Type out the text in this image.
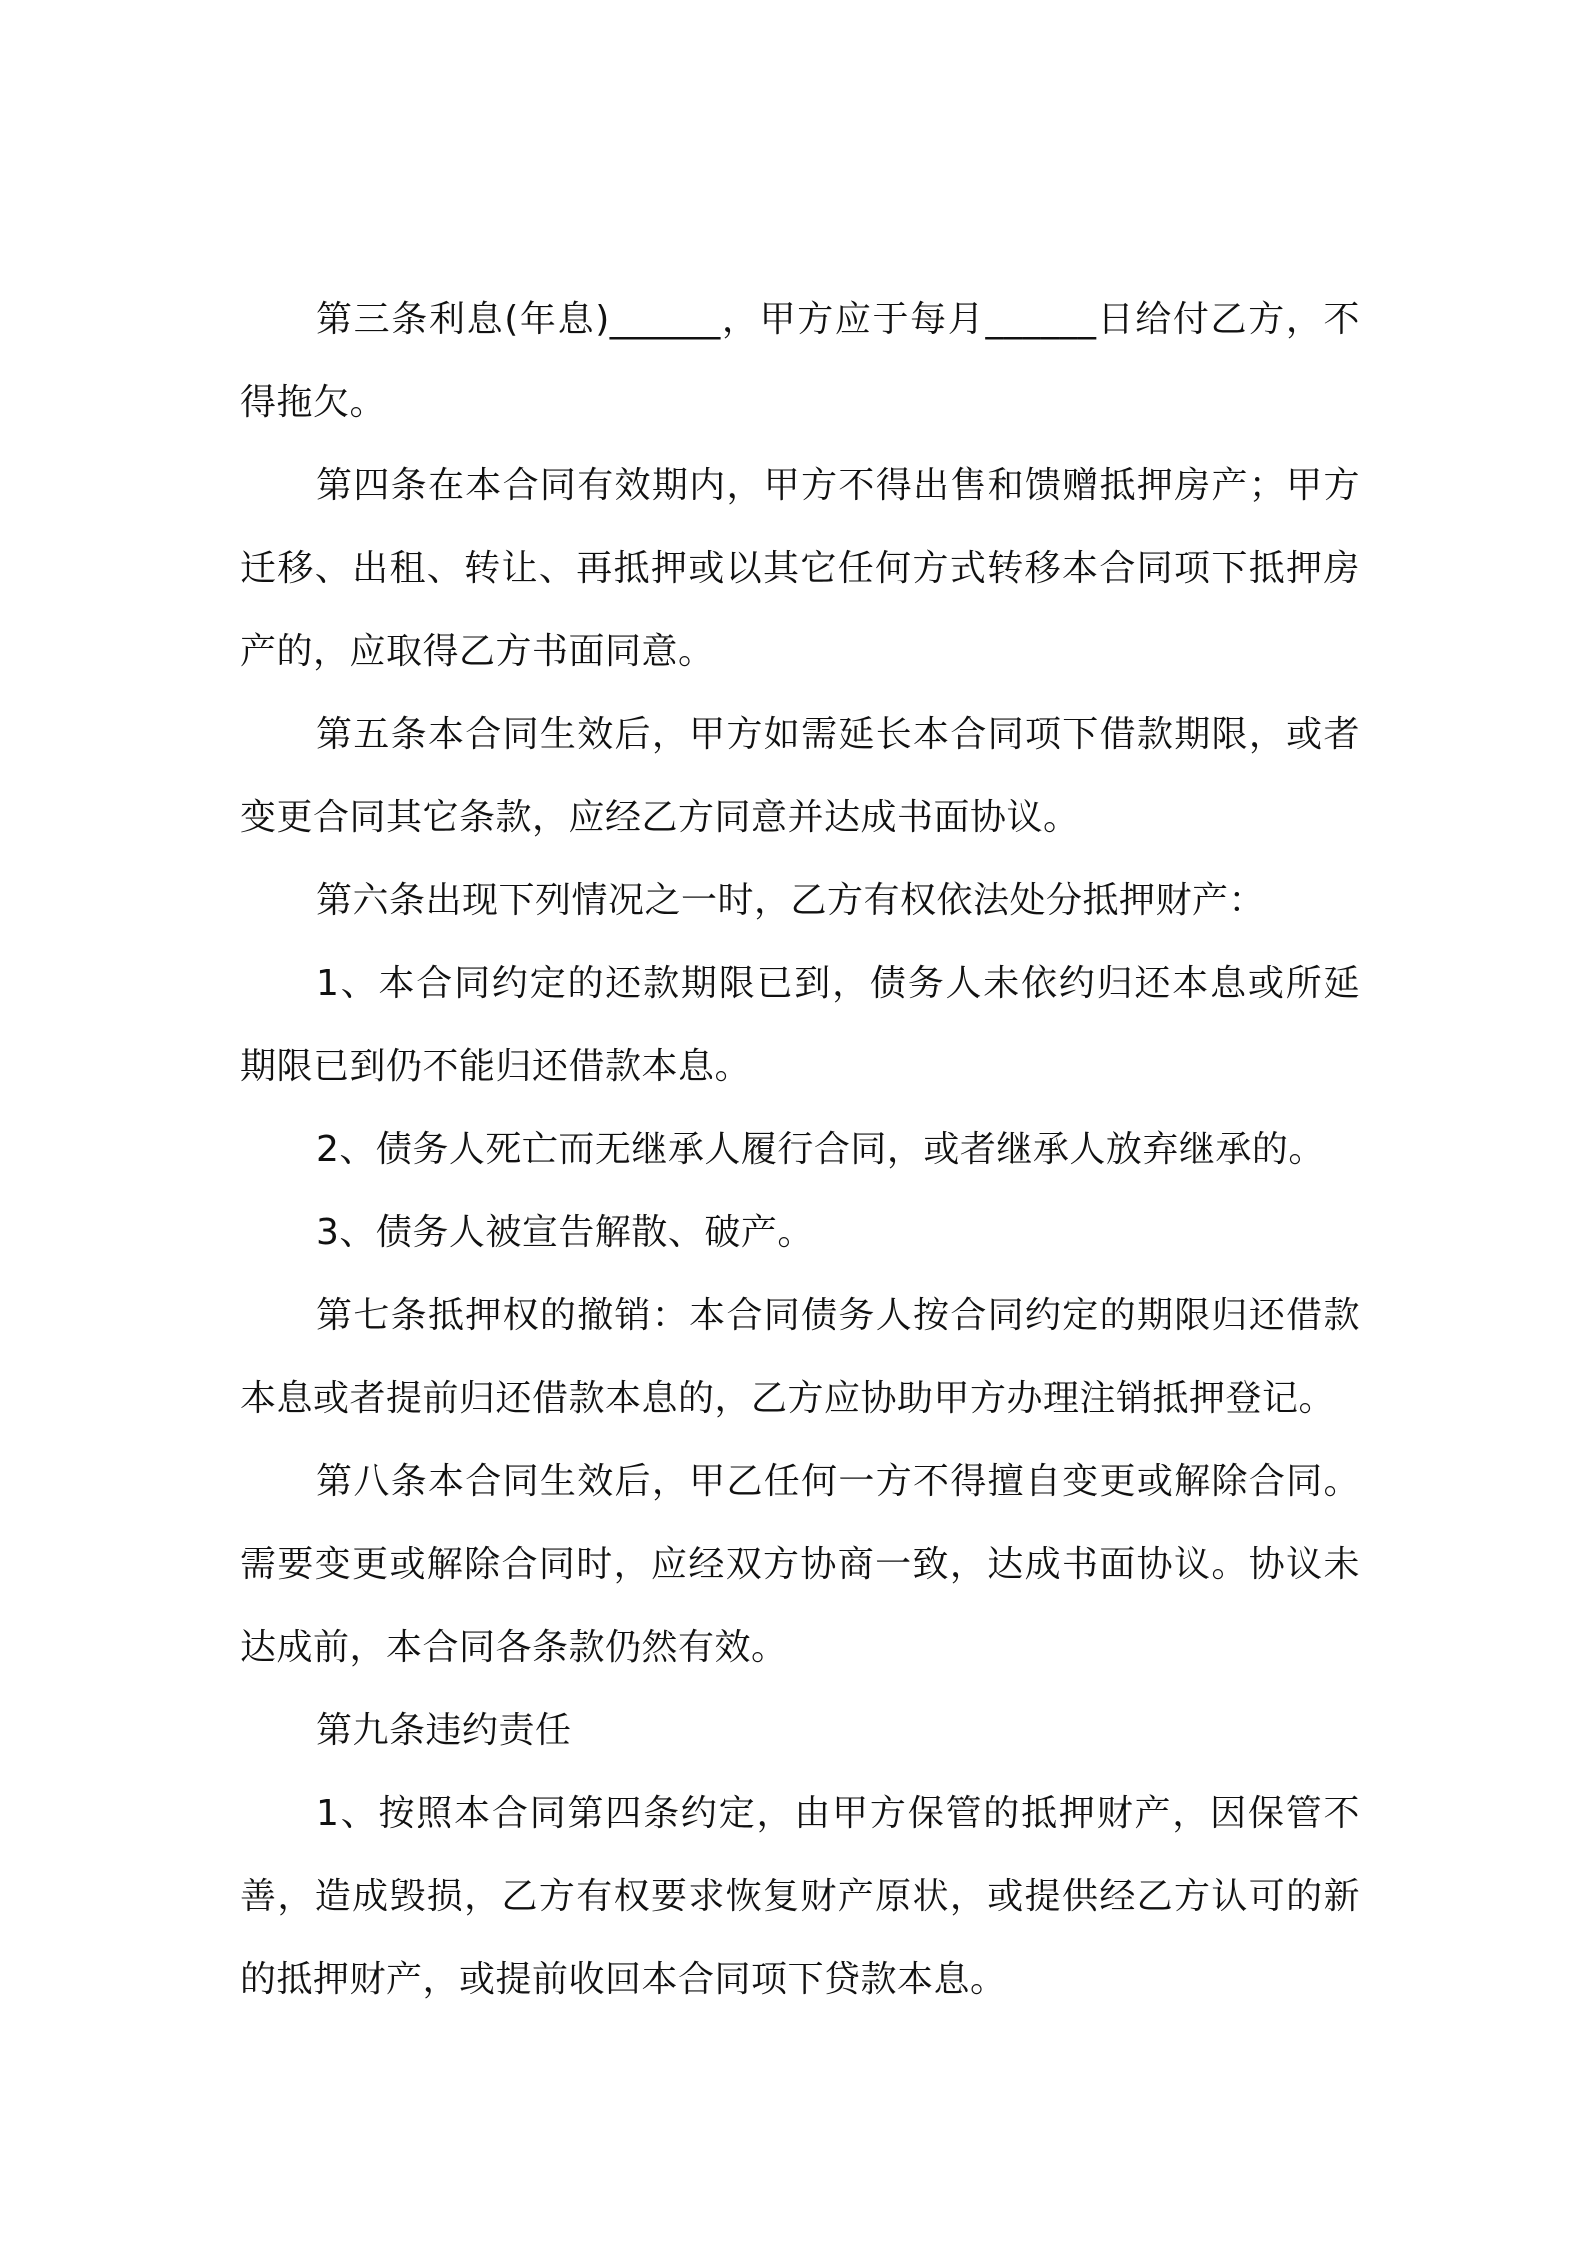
第三条利息(年息)______，甲方应于每月______日给付乙方，不得拖欠。

第四条在本合同有效期内，甲方不得出售和馈赠抵押房产；甲方迁移、出租、转让、再抵押或以其它任何方式转移本合同项下抵押房产的，应取得乙方书面同意。

第五条本合同生效后，甲方如需延长本合同项下借款期限，或者变更合同其它条款，应经乙方同意并达成书面协议。

第六条出现下列情况之一时，乙方有权依法处分抵押财产：

1、本合同约定的还款期限已到，债务人未依约归还本息或所延期限已到仍不能归还借款本息。

2、债务人死亡而无继承人履行合同，或者继承人放弃继承的。

3、债务人被宣告解散、破产。

第七条抵押权的撤销：本合同债务人按合同约定的期限归还借款本息或者提前归还借款本息的，乙方应协助甲方办理注销抵押登记。

第八条本合同生效后，甲乙任何一方不得擅自变更或解除合同。需要变更或解除合同时，应经双方协商一致，达成书面协议。协议未达成前，本合同各条款仍然有效。

第九条违约责任

1、按照本合同第四条约定，由甲方保管的抵押财产，因保管不善，造成毁损，乙方有权要求恢复财产原状，或提供经乙方认可的新的抵押财产，或提前收回本合同项下贷款本息。
